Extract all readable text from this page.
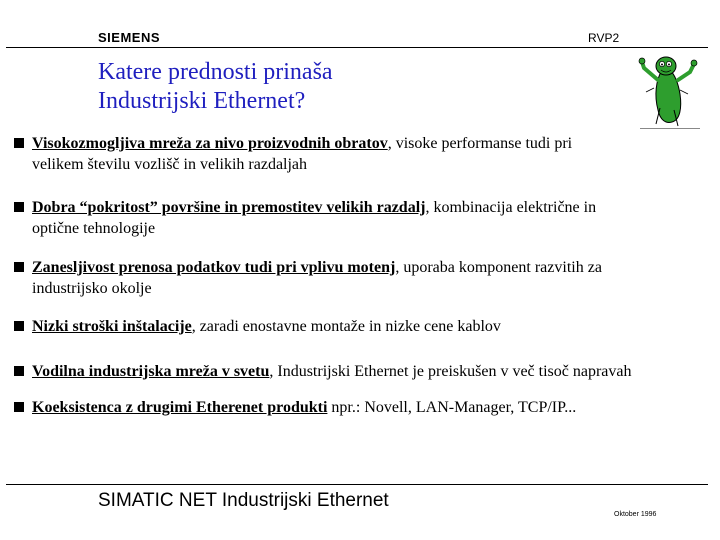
SIEMENS	RVP2
Katere prednosti prinaša
Industrijski Ethernet?
Visokozmogljiva mreža za nivo proizvodnih obratov, visoke performanse tudi pri
velikem številu vozlišč in velikih razdaljah
Dobra “pokritost” površine in premostitev velikih razdalj, kombinacija električne in
optične tehnologije
Zanesljivost prenosa podatkov tudi pri vplivu motenj, uporaba komponent razvitih za
industrijsko okolje
Nizki stroški inštalacije, zaradi enostavne montaže in nizke cene kablov
Vodilna industrijska mreža v svetu, Industrijski Ethernet je preiskušen v več tisoč napravah
Koeksistenca z drugimi Etherenet produkti npr.: Novell, LAN-Manager, TCP/IP...
SIMATIC NET Industrijski Ethernet
Oktober 1996
